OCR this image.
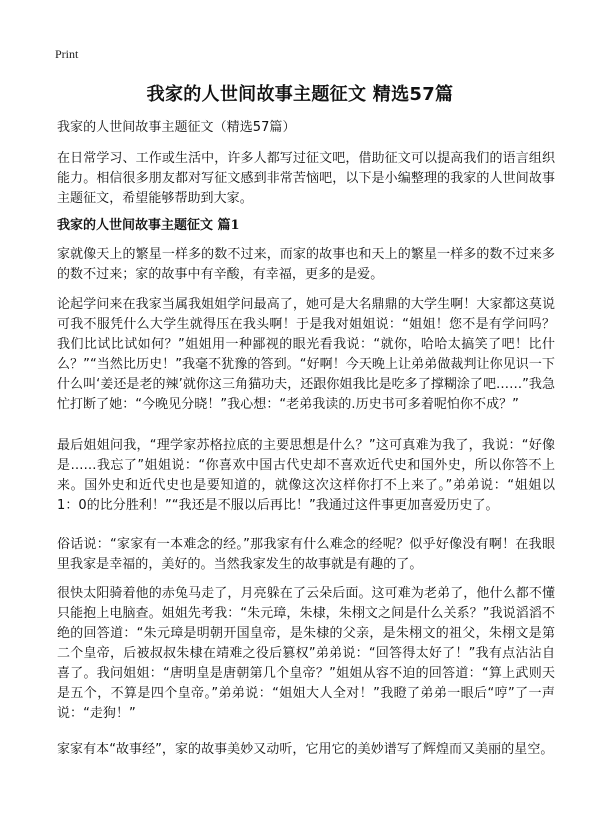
Print
我家的人世间故事主题征文 精选57篇

我家的人世间故事主题征文（精选57篇）

在日常学习、工作或生活中，许多人都写过征文吧，借助征文可以提高我们的语言组织能力。相信很多朋友都对写征文感到非常苦恼吧，以下是小编整理的我家的人世间故事主题征文，希望能够帮助到大家。

我家的人世间故事主题征文 篇1

家就像天上的繁星一样多的数不过来，而家的故事也和天上的繁星一样多的数不过来多的数不过来；家的故事中有辛酸，有幸福，更多的是爱。

论起学问来在我家当属我姐姐学问最高了，她可是大名鼎鼎的大学生啊！大家都这莫说可我不服凭什么大学生就得压在我头啊！于是我对姐姐说：“姐姐！您不是有学问吗？我们比试比试如何？”姐姐用一种鄙视的眼光看我说：“就你，哈哈太搞笑了吧！比什么？”“当然比历史！”我毫不犹豫的答到。“好啊！今天晚上让弟弟做裁判让你见识一下什么叫‘姜还是老的辣’就你这三角猫功夫，还跟你姐我比是吃多了撑糊涂了吧……”我急忙打断了她：“今晚见分晓！”我心想：“老弟我读的.历史书可多着呢怕你不成？”

最后姐姐问我，“理学家苏格拉底的主要思想是什么？”这可真难为我了，我说：“好像是……我忘了”姐姐说：“你喜欢中国古代史却不喜欢近代史和国外史，所以你答不上来。国外史和近代史也是要知道的，就像这次这样你打不上来了。”弟弟说：“姐姐以1：0的比分胜利！”“我还是不服以后再比！”我通过这件事更加喜爱历史了。

俗话说：“家家有一本难念的经。”那我家有什么难念的经呢？似乎好像没有啊！在我眼里我家是幸福的，美好的。当然我家发生的故事就是有趣的了。

很快太阳骑着他的赤兔马走了，月亮躲在了云朵后面。这可难为老弟了，他什么都不懂只能抱上电脑查。姐姐先考我：“朱元璋，朱棣，朱栩文之间是什么关系？”我说滔滔不绝的回答道：“朱元璋是明朝开国皇帝，是朱棣的父亲，是朱栩文的祖父，朱栩文是第二个皇帝，后被叔叔朱棣在靖难之役后篡权”弟弟说：“回答得太好了！”我有点沾沾自喜了。我问姐姐：“唐明皇是唐朝第几个皇帝？”姐姐从容不迫的回答道：“算上武则天是五个，不算是四个皇帝。”弟弟说：“姐姐大人全对！”我瞪了弟弟一眼后“哼”了一声说：“走狗！”

家家有本“故事经”，家的故事美妙又动听，它用它的美妙谱写了辉煌而又美丽的星空。
